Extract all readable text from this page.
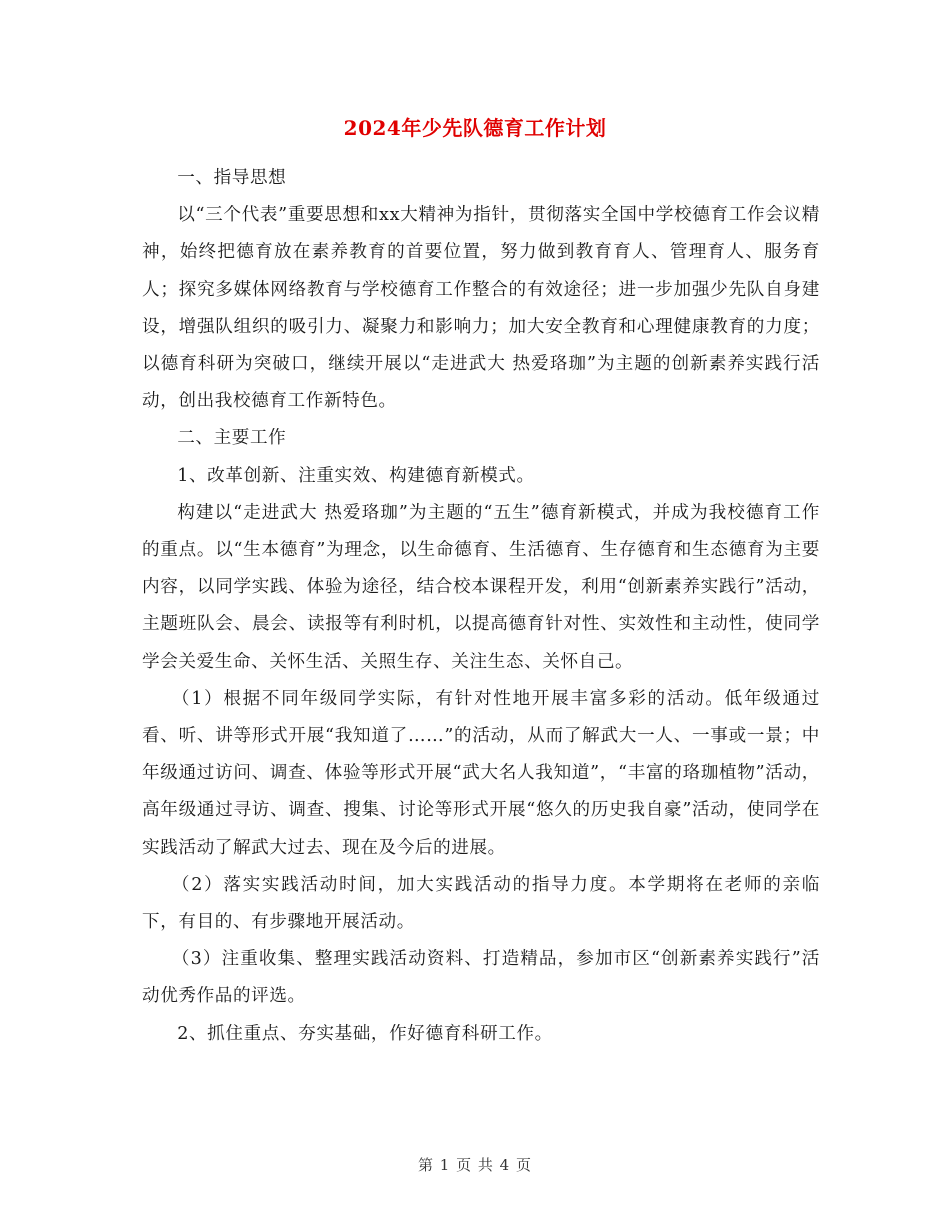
2024年少先队德育工作计划

一、指导思想

以“三个代表”重要思想和xx大精神为指针，贯彻落实全国中学校德育工作会议精神，始终把德育放在素养教育的首要位置，努力做到教育育人、管理育人、服务育人；探究多媒体网络教育与学校德育工作整合的有效途径；进一步加强少先队自身建设，增强队组织的吸引力、凝聚力和影响力；加大安全教育和心理健康教育的力度；以德育科研为突破口，继续开展以“走进武大 热爱珞珈”为主题的创新素养实践行活动，创出我校德育工作新特色。

二、主要工作

1、改革创新、注重实效、构建德育新模式。

构建以“走进武大 热爱珞珈”为主题的“五生”德育新模式，并成为我校德育工作的重点。以“生本德育”为理念，以生命德育、生活德育、生存德育和生态德育为主要内容，以同学实践、体验为途径，结合校本课程开发，利用“创新素养实践行”活动，主题班队会、晨会、读报等有利时机，以提高德育针对性、实效性和主动性，使同学学会关爱生命、关怀生活、关照生存、关注生态、关怀自己。

（1）根据不同年级同学实际，有针对性地开展丰富多彩的活动。低年级通过看、听、讲等形式开展“我知道了……”的活动，从而了解武大一人、一事或一景；中年级通过访问、调查、体验等形式开展“武大名人我知道”，“丰富的珞珈植物”活动，高年级通过寻访、调查、搜集、讨论等形式开展“悠久的历史我自豪”活动，使同学在实践活动了解武大过去、现在及今后的进展。

（2）落实实践活动时间，加大实践活动的指导力度。本学期将在老师的亲临下，有目的、有步骤地开展活动。

（3）注重收集、整理实践活动资料、打造精品，参加市区“创新素养实践行”活动优秀作品的评选。

2、抓住重点、夯实基础，作好德育科研工作。

第 1 页 共 4 页
